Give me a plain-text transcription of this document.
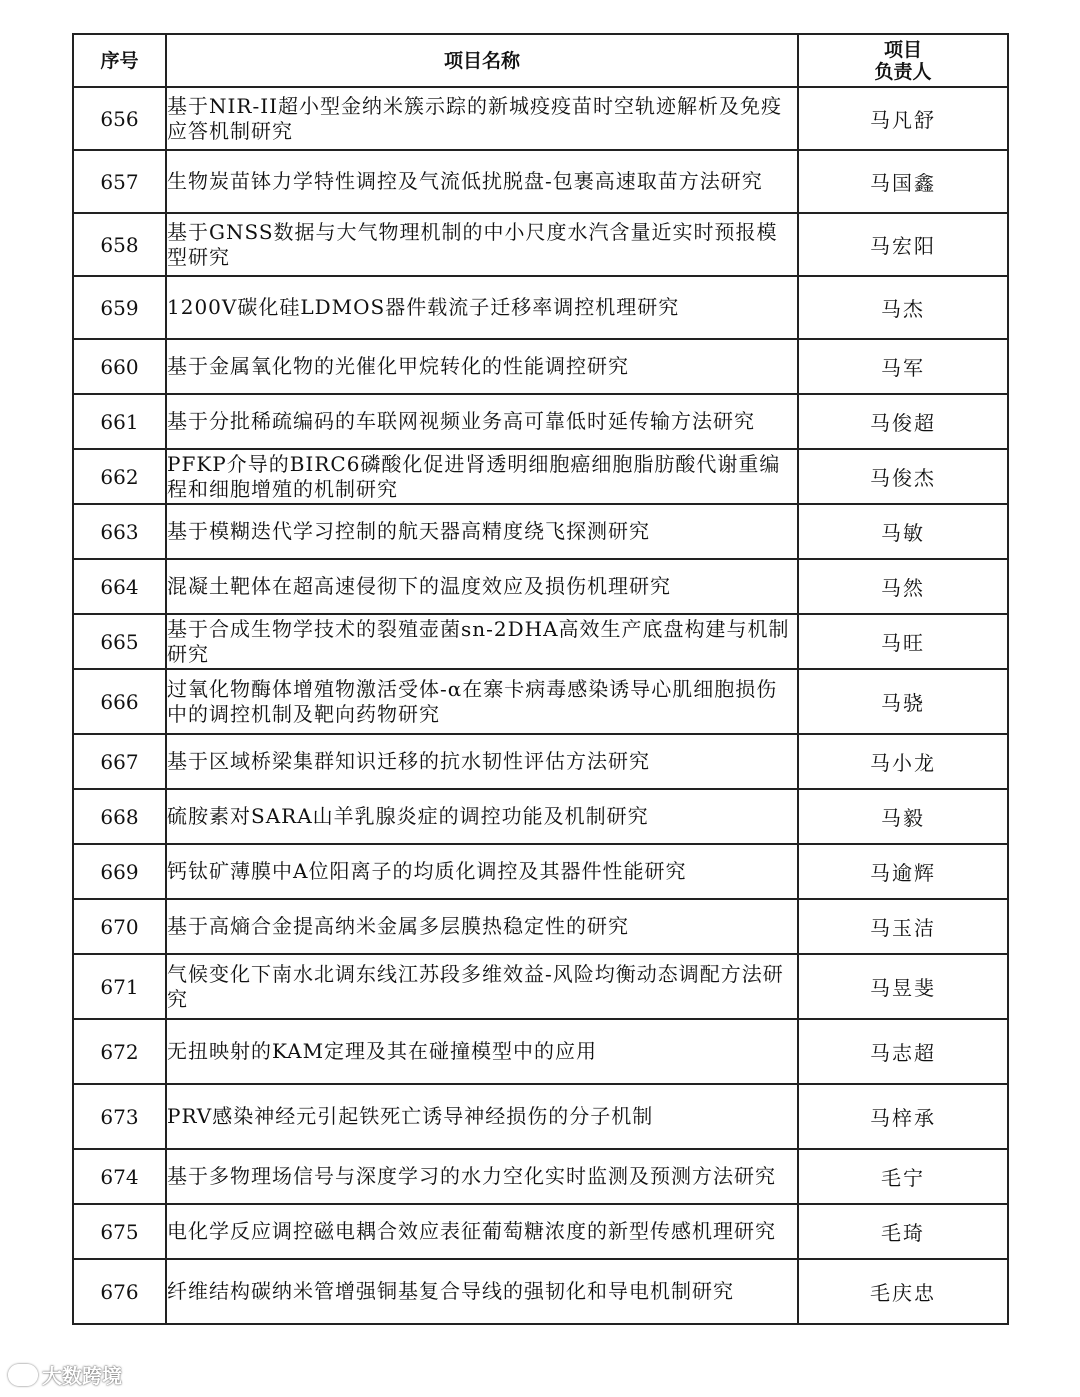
序号	项目名称	项目
负责人

656	基于NIR-II超小型金纳米簇示踪的新城疫疫苗时空轨迹解析及免疫应答机制研究	马凡舒
657	生物炭苗钵力学特性调控及气流低扰脱盘-包裹高速取苗方法研究	马国鑫
658	基于GNSS数据与大气物理机制的中小尺度水汽含量近实时预报模型研究	马宏阳
659	1200V碳化硅LDMOS器件载流子迁移率调控机理研究	马杰
660	基于金属氧化物的光催化甲烷转化的性能调控研究	马军
661	基于分批稀疏编码的车联网视频业务高可靠低时延传输方法研究	马俊超
662	PFKP介导的BIRC6磷酸化促进肾透明细胞癌细胞脂肪酸代谢重编程和细胞增殖的机制研究	马俊杰
663	基于模糊迭代学习控制的航天器高精度绕飞探测研究	马敏
664	混凝土靶体在超高速侵彻下的温度效应及损伤机理研究	马然
665	基于合成生物学技术的裂殖壶菌sn-2DHA高效生产底盘构建与机制研究	马旺
666	过氧化物酶体增殖物激活受体-α在寨卡病毒感染诱导心肌细胞损伤中的调控机制及靶向药物研究	马骁
667	基于区域桥梁集群知识迁移的抗水韧性评估方法研究	马小龙
668	硫胺素对SARA山羊乳腺炎症的调控功能及机制研究	马毅
669	钙钛矿薄膜中A位阳离子的均质化调控及其器件性能研究	马逾辉
670	基于高熵合金提高纳米金属多层膜热稳定性的研究	马玉洁
671	气候变化下南水北调东线江苏段多维效益-风险均衡动态调配方法研究	马昱斐
672	无扭映射的KAM定理及其在碰撞模型中的应用	马志超
673	PRV感染神经元引起铁死亡诱导神经损伤的分子机制	马梓承
674	基于多物理场信号与深度学习的水力空化实时监测及预测方法研究	毛宁
675	电化学反应调控磁电耦合效应表征葡萄糖浓度的新型传感机理研究	毛琦
676	纤维结构碳纳米管增强铜基复合导线的强韧化和导电机制研究	毛庆忠
大数跨境
